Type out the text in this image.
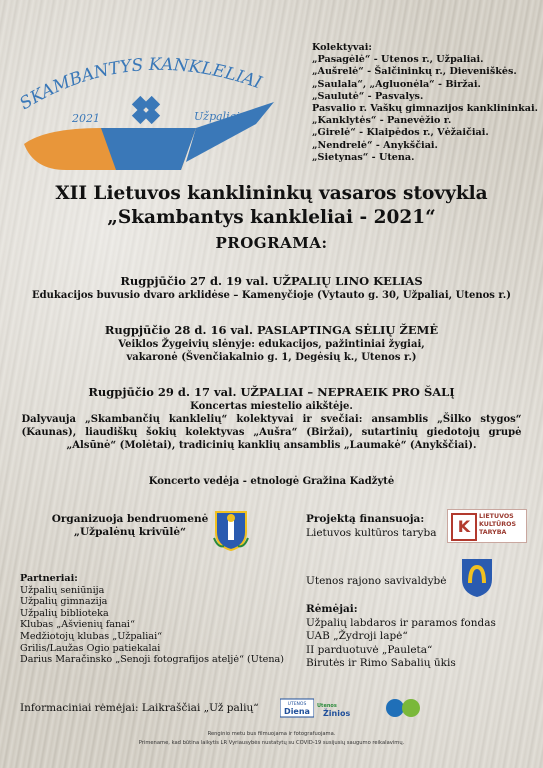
SKAMBANTYS KANKLELIAI
2021	Užpaliai
Kolektyvai:
„Pasagėlė“ - Utenos r., Užpaliai.
„Aušrelė“ - Šalčininkų r., Dieveniškės.
„Saulala“, „Agluonėla“ - Biržai.
„Saulutė“ - Pasvalys.
Pasvalio r. Vaškų gimnazijos kanklininkai.
„Kanklytės“ - Panevėžio r.
„Girelė“ - Klaipėdos r., Vėžaičiai.
„Nendrelė“ - Anykščiai.
„Sietynas“ - Utena.
XII Lietuvos kanklininkų vasaros stovykla
„Skambantys kankleliai - 2021“
PROGRAMA:
Rugpjūčio 27 d. 19 val. UŽPALIŲ LINO KELIAS
Edukacijos buvusio dvaro arklidėse – Kamenyčioje (Vytauto g. 30, Užpaliai, Utenos r.)
Rugpjūčio 28 d. 16 val. PASLAPTINGA SĖLIŲ ŽEMĖ
Veiklos Žygeivių slėnyje: edukacijos, pažintiniai žygiai,
vakaronė (Švenčiakalnio g. 1, Degėsių k., Utenos r.)
Rugpjūčio 29 d. 17 val. UŽPALIAI – NEPRAEIK PRO ŠALĮ
Koncertas miestelio aikštėje.
Dalyvauja „Skambančių kanklelių“ kolektyvai ir svečiai: ansamblis „Šilko stygos“ (Kaunas), liaudiškų šokių kolektyvas „Aušra“ (Biržai), sutartinių giedotojų grupė „Alsūnė“ (Molėtai), tradicinių kanklių ansamblis „Laumakė“ (Anykščiai).
Koncerto vedėja - etnologė Gražina Kadžytė
Organizuoja bendruomenė
„Užpalėnų krivūlė“
Projektą finansuoja:
Lietuvos kultūros taryba	K
LIETUVOS
KULTŪROS
TARYBA
Utenos rajono savivaldybė
Rėmėjai:
Užpalių labdaros ir paramos fondas
UAB „Žydroji lapė“
II parduotuvė „Pauleta“
Birutės ir Rimo Sabalių ūkis
Partneriai:
Užpalių seniūnija
Užpalių gimnazija
Užpalių biblioteka
Klubas „Ašvienių fanai“
Medžiotojų klubas „Užpaliai“
Grilis/Laužas Ogio patiekalai
Darius Maračinsko „Senoji fotografijos ateljė“ (Utena)
Informaciniai rėmėjai: Laikraščiai „Už palių“	UTENOS
Diena
Utenos
Žinios
Renginio metu bus filmuojama ir fotografuojama.
Primename, kad būtina laikytis LR Vyriausybės nustatytų su COVID-19 susijusių saugumo reikalavimų.
